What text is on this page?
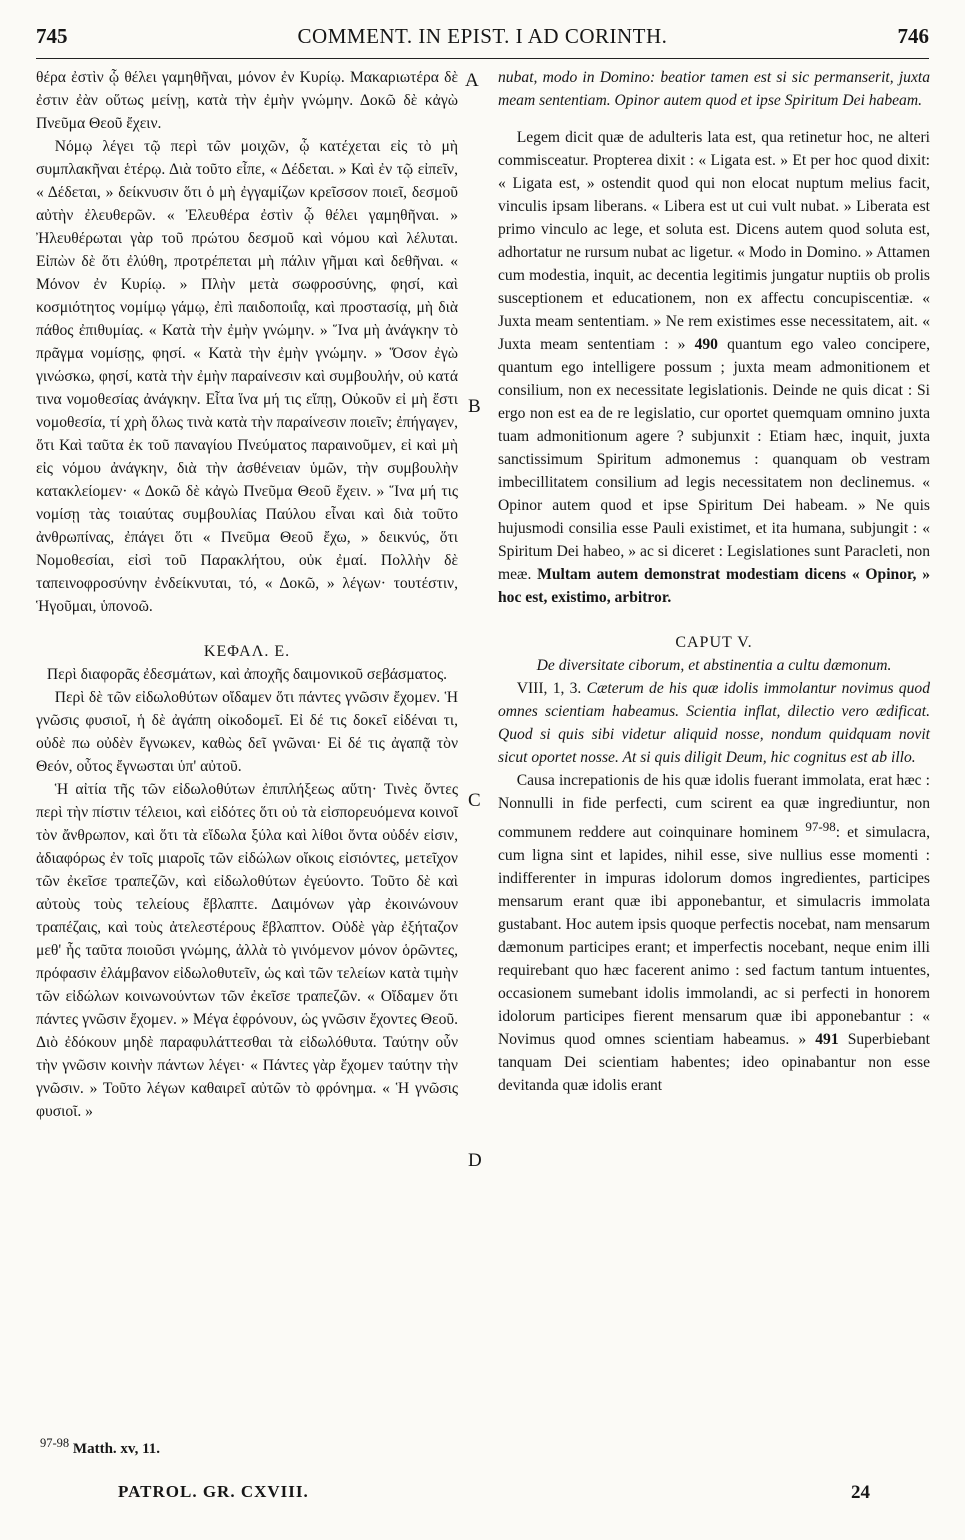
745	COMMENT. IN EPIST. I AD CORINTH.	746

θέρα ἐστὶν ᾧ θέλει γαμηθῆναι, μόνον ἐν Κυρίῳ. Μακαριωτέρα δὲ ἐστιν ἐὰν οὕτως μείνῃ, κατὰ τὴν ἐμὴν γνώμην. Δοκῶ δὲ κἀγὼ Πνεῦμα Θεοῦ ἔχειν.

Νόμῳ λέγει τῷ περὶ τῶν μοιχῶν, ᾧ κατέχεται εἰς τὸ μὴ συμπλακῆναι ἑτέρῳ. Διὰ τοῦτο εἶπε, « Δέδεται. » Καὶ ἐν τῷ εἰπεῖν, « Δέδεται, » δείκνυσιν ὅτι ὁ μὴ ἐγγαμίζων κρεῖσσον ποιεῖ, δεσμοῦ αὐτὴν ἐλευθερῶν. « Ἐλευθέρα ἐστὶν ᾧ θέλει γαμηθῆναι. » Ἠλευθέρωται γὰρ τοῦ πρώτου δεσμοῦ καὶ νόμου καὶ λέλυται. Εἰπὼν δὲ ὅτι ἐλύθη, προτρέπεται μὴ πάλιν γῆμαι καὶ δεθῆναι. « Μόνον ἐν Κυρίῳ. » Πλὴν μετὰ σωφροσύνης, φησί, καὶ κοσμιότητος νομίμῳ γάμῳ, ἐπὶ παιδοποιΐᾳ, καὶ προστασίᾳ, μὴ διὰ πάθος ἐπιθυμίας. « Κατὰ τὴν ἐμὴν γνώμην. » Ἵνα μὴ ἀνάγκην τὸ πρᾶγμα νομίσῃς, φησί. « Κατὰ τὴν ἐμὴν γνώμην. » Ὅσον ἐγὼ γινώσκω, φησί, κατὰ τὴν ἐμὴν παραίνεσιν καὶ συμβουλήν, οὐ κατά τινα νομοθεσίας ἀνάγκην. Εἶτα ἵνα μή τις εἴπῃ, Οὐκοῦν εἰ μὴ ἔστι νομοθεσία, τί χρὴ ὅλως τινὰ κατὰ τὴν παραίνεσιν ποιεῖν; ἐπήγαγεν, ὅτι Καὶ ταῦτα ἐκ τοῦ παναγίου Πνεύματος παραινοῦμεν, εἰ καὶ μὴ εἰς νόμου ἀνάγκην, διὰ τὴν ἀσθένειαν ὑμῶν, τὴν συμβουλὴν κατακλείομεν· « Δοκῶ δὲ κἀγὼ Πνεῦμα Θεοῦ ἔχειν. » Ἵνα μή τις νομίσῃ τὰς τοιαύτας συμβουλίας Παύλου εἶναι καὶ διὰ τοῦτο ἀνθρωπίνας, ἐπάγει ὅτι « Πνεῦμα Θεοῦ ἔχω, » δεικνύς, ὅτι Νομοθεσίαι, εἰσὶ τοῦ Παρακλήτου, οὐκ ἐμαί. Πολλὴν δὲ ταπεινοφροσύνην ἐνδείκνυται, τό, « Δοκῶ, » λέγων· τουτέστιν, Ἡγοῦμαι, ὑπονοῶ.

ΚΕΦΑΛ. Ε.
Περὶ διαφορᾶς ἐδεσμάτων, καὶ ἀποχῆς δαιμονικοῦ σεβάσματος.

Περὶ δὲ τῶν εἰδωλοθύτων οἴδαμεν ὅτι πάντες γνῶσιν ἔχομεν. Ἡ γνῶσις φυσιοῖ, ἡ δὲ ἀγάπη οἰκοδομεῖ. Εἰ δέ τις δοκεῖ εἰδέναι τι, οὐδὲ πω οὐδὲν ἔγνωκεν, καθὼς δεῖ γνῶναι· Εἰ δέ τις ἀγαπᾷ τὸν Θεόν, οὗτος ἔγνωσται ὑπ' αὐτοῦ.

Ἡ αἰτία τῆς τῶν εἰδωλοθύτων ἐπιπλήξεως αὕτη· Τινὲς ὄντες περὶ τὴν πίστιν τέλειοι, καὶ εἰδότες ὅτι οὐ τὰ εἰσπορευόμενα κοινοῖ τὸν ἄνθρωπον, καὶ ὅτι τὰ εἴδωλα ξύλα καὶ λίθοι ὄντα οὐδέν εἰσιν, ἀδιαφόρως ἐν τοῖς μιαροῖς τῶν εἰδώλων οἴκοις εἰσιόντες, μετεῖχον τῶν ἐκεῖσε τραπεζῶν, καὶ εἰδωλοθύτων ἐγεύοντο. Τοῦτο δὲ καὶ αὐτοὺς τοὺς τελείους ἔβλαπτε. Δαιμόνων γὰρ ἐκοινώνουν τραπέζαις, καὶ τοὺς ἀτελεστέρους ἔβλαπτον. Οὐδὲ γὰρ ἐξήταζον μεθ' ἧς ταῦτα ποιοῦσι γνώμης, ἀλλὰ τὸ γινόμενον μόνον ὁρῶντες, πρόφασιν ἐλάμβανον εἰδωλοθυτεῖν, ὡς καὶ τῶν τελείων κατὰ τιμὴν τῶν εἰδώλων κοινωνούντων τῶν ἐκεῖσε τραπεζῶν. « Οἴδαμεν ὅτι πάντες γνῶσιν ἔχομεν. » Μέγα ἐφρόνουν, ὡς γνῶσιν ἔχοντες Θεοῦ. Διὸ ἐδόκουν μηδὲ παραφυλάττεσθαι τὰ εἰδωλόθυτα. Ταύτην οὖν τὴν γνῶσιν κοινὴν πάντων λέγει· « Πάντες γὰρ ἔχομεν ταύτην τὴν γνῶσιν. » Τοῦτο λέγων καθαιρεῖ αὐτῶν τὸ φρόνημα. « Ἡ γνῶσις φυσιοῖ. »

nubat, modo in Domino: beatior tamen est si sic permanserit, juxta meam sententiam. Opinor autem quod et ipse Spiritum Dei habeam.

Legem dicit quæ de adulteris lata est, qua retinetur hoc, ne alteri commisceatur. Propterea dixit : « Ligata est. » Et per hoc quod dixit: « Ligata est, » ostendit quod qui non elocat nuptum melius facit, vinculis ipsam liberans. « Libera est ut cui vult nubat. » Liberata est primo vinculo ac lege, et soluta est. Dicens autem quod soluta est, adhortatur ne rursum nubat ac ligetur. « Modo in Domino. » Attamen cum modestia, inquit, ac decentia legitimis jungatur nuptiis ob prolis susceptionem et educationem, non ex affectu concupiscentiæ. « Juxta meam sententiam. » Ne rem existimes esse necessitatem, ait. « Juxta meam sententiam : » 490 quantum ego valeo concipere, quantum ego intelligere possum ; juxta meam admonitionem et consilium, non ex necessitate legislationis. Deinde ne quis dicat : Si ergo non est ea de re legislatio, cur oportet quemquam omnino juxta tuam admonitionum agere ? subjunxit : Etiam hæc, inquit, juxta sanctissimum Spiritum admonemus : quanquam ob vestram imbecillitatem consilium ad legis necessitatem non declinemus. « Opinor autem quod et ipse Spiritum Dei habeam. » Ne quis hujusmodi consilia esse Pauli existimet, et ita humana, subjungit : « Spiritum Dei habeo, » ac si diceret : Legislationes sunt Paracleti, non meæ. Multam autem demonstrat modestiam dicens « Opinor, » hoc est, existimo, arbitror.

CAPUT V.
De diversitate ciborum, et abstinentia a cultu dæmonum.

VIII, 1, 3. Cæterum de his quæ idolis immolantur novimus quod omnes scientiam habeamus. Scientia inflat, dilectio vero ædificat. Quod si quis sibi videtur aliquid nosse, nondum quidquam novit sicut oportet nosse. At si quis diligit Deum, hic cognitus est ab illo.

Causa increpationis de his quæ idolis fuerant immolata, erat hæc : Nonnulli in fide perfecti, cum scirent ea quæ ingrediuntur, non communem reddere aut coinquinare hominem $^{97-98}$: et simulacra, cum ligna sint et lapides, nihil esse, sive nullius esse momenti : indifferenter in impuras idolorum domos ingredientes, participes mensarum erant quæ ibi apponebantur, et simulacris immolata gustabant. Hoc autem ipsis quoque perfectis nocebat, nam mensarum dæmonum participes erant; et imperfectis nocebant, neque enim illi requirebant quo hæc facerent animo : sed factum tantum intuentes, occasionem sumebant idolis immolandi, ac si perfecti in honorem idolorum participes fierent mensarum quæ ibi apponebantur : « Novimus quod omnes scientiam habeamus. » 491 Superbiebant tanquam Dei scientiam habentes; ideo opinabantur non esse devitanda quæ idolis erant

A
B
C
D
$^{97-98}$ Matth. xv, 11.
PATROL. GR. CXVIII.	24
